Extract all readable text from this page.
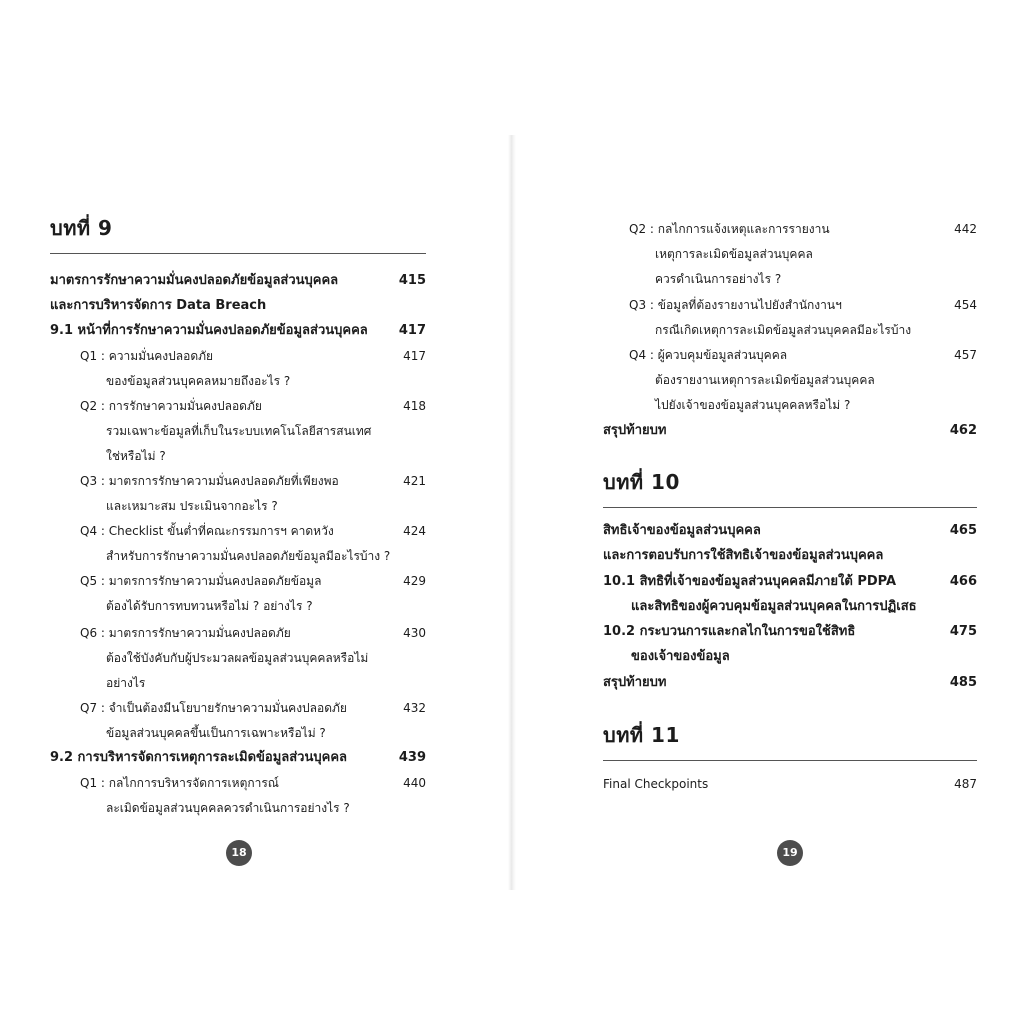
บทที่ 9
มาตรการรักษาความมั่นคงปลอดภัยข้อมูลส่วนบุคคล	415
และการบริหารจัดการ Data Breach
9.1 หน้าที่การรักษาความมั่นคงปลอดภัยข้อมูลส่วนบุคคล 417
Q1 : ความมั่นคงปลอดภัย	417
ของข้อมูลส่วนบุคคลหมายถึงอะไร ?
Q2 : การรักษาความมั่นคงปลอดภัย	418
รวมเฉพาะข้อมูลที่เก็บในระบบเทคโนโลยีสารสนเทศ
ใช่หรือไม่ ?
Q3 : มาตรการรักษาความมั่นคงปลอดภัยที่เพียงพอ	421
และเหมาะสม ประเมินจากอะไร ?
Q4 : Checklist ขั้นต่ำที่คณะกรรมการฯ คาดหวัง	424
สำหรับการรักษาความมั่นคงปลอดภัยข้อมูลมีอะไรบ้าง ?
Q5 : มาตรการรักษาความมั่นคงปลอดภัยข้อมูล	429
ต้องได้รับการทบทวนหรือไม่ ? อย่างไร ?
Q6 : มาตรการรักษาความมั่นคงปลอดภัย	430
ต้องใช้บังคับกับผู้ประมวลผลข้อมูลส่วนบุคคลหรือไม่
อย่างไร
Q7 : จำเป็นต้องมีนโยบายรักษาความมั่นคงปลอดภัย	432
ข้อมูลส่วนบุคคลขึ้นเป็นการเฉพาะหรือไม่ ?
9.2 การบริหารจัดการเหตุการละเมิดข้อมูลส่วนบุคคล	439
Q1 : กลไกการบริหารจัดการเหตุการณ์	440
ละเมิดข้อมูลส่วนบุคคลควรดำเนินการอย่างไร ?
18
Q2 : กลไกการแจ้งเหตุและการรายงาน	442
เหตุการละเมิดข้อมูลส่วนบุคคล
ควรดำเนินการอย่างไร ?
Q3 : ข้อมูลที่ต้องรายงานไปยังสำนักงานฯ	454
กรณีเกิดเหตุการละเมิดข้อมูลส่วนบุคคลมีอะไรบ้าง
Q4 : ผู้ควบคุมข้อมูลส่วนบุคคล	457
ต้องรายงานเหตุการละเมิดข้อมูลส่วนบุคคล
ไปยังเจ้าของข้อมูลส่วนบุคคลหรือไม่ ?
สรุปท้ายบท	462
บทที่ 10
สิทธิเจ้าของข้อมูลส่วนบุคคล	465
และการตอบรับการใช้สิทธิเจ้าของข้อมูลส่วนบุคคล
10.1 สิทธิที่เจ้าของข้อมูลส่วนบุคคลมีภายใต้ PDPA	466
และสิทธิของผู้ควบคุมข้อมูลส่วนบุคคลในการปฏิเสธ
10.2 กระบวนการและกลไกในการขอใช้สิทธิ	475
ของเจ้าของข้อมูล
สรุปท้ายบท	485
บทที่ 11
Final Checkpoints	487
19
